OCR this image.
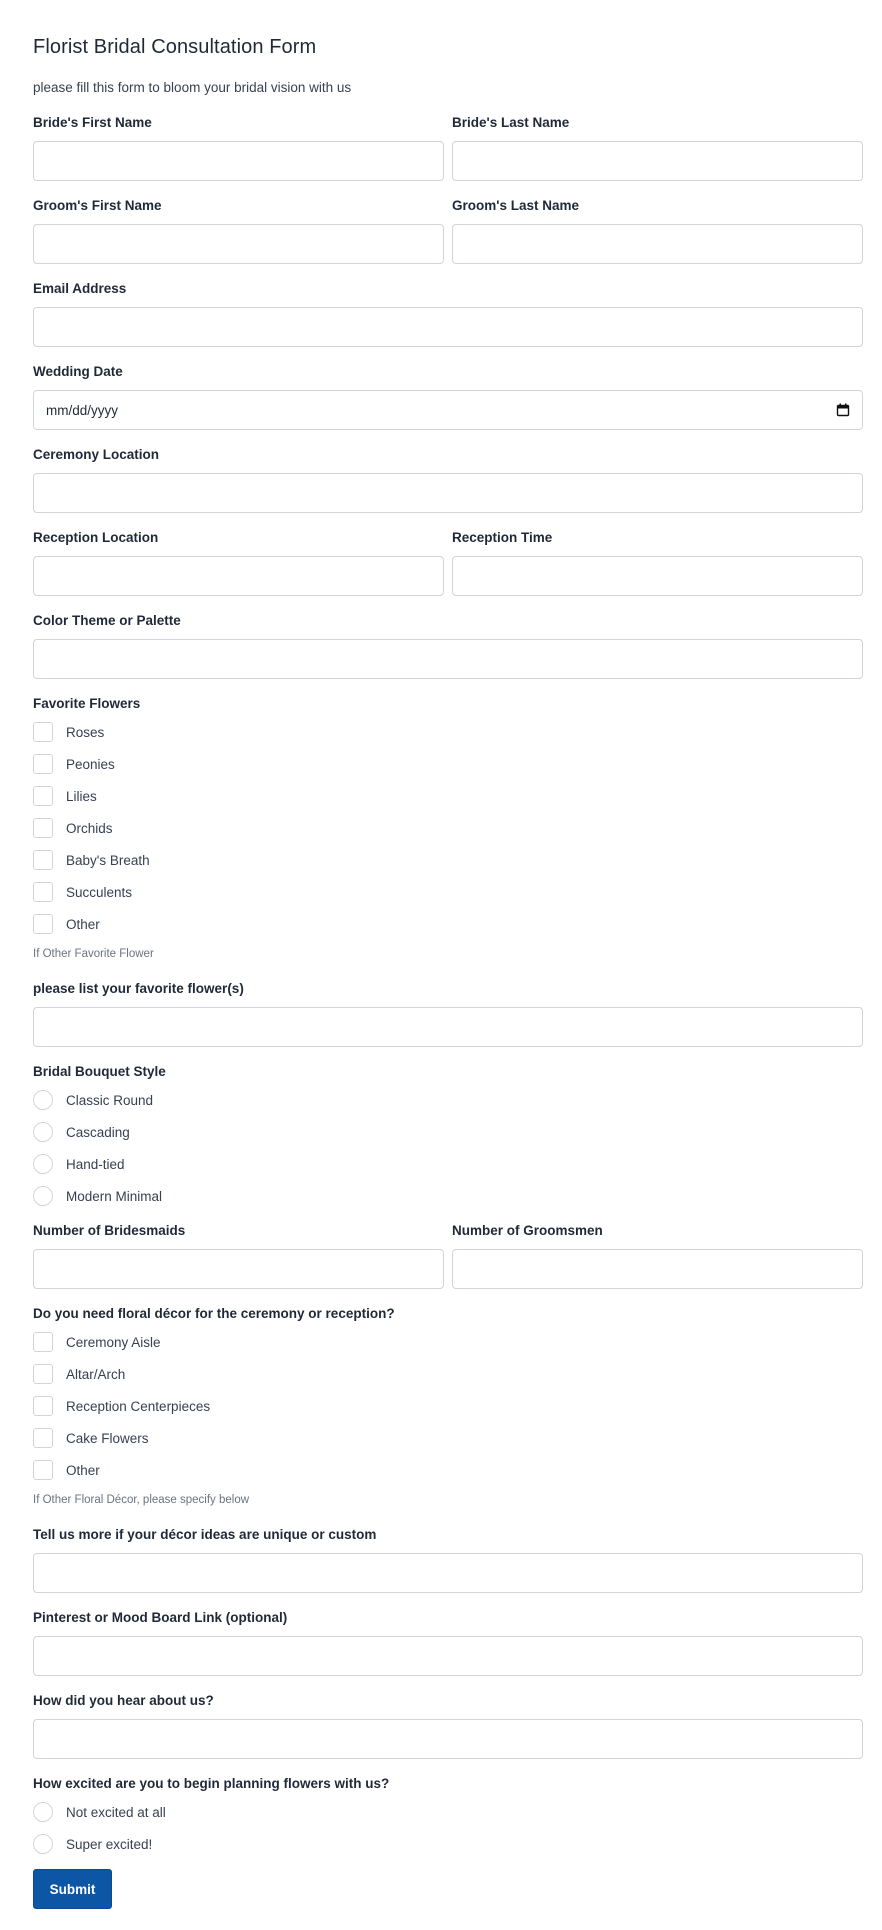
Florist Bridal Consultation Form
please fill this form to bloom your bridal vision with us
Bride's First Name	Bride's Last Name
Groom's First Name	Groom's Last Name
Email Address
Wedding Date
mm/dd/yyyy
Ceremony Location
Reception Location	Reception Time
Color Theme or Palette
Favorite Flowers
Roses
Peonies
Lilies
Orchids
Baby's Breath
Succulents
Other
If Other Favorite Flower
please list your favorite flower(s)
Bridal Bouquet Style
Classic Round
Cascading
Hand-tied
Modern Minimal
Number of Bridesmaids	Number of Groomsmen
Do you need floral décor for the ceremony or reception?
Ceremony Aisle
Altar/Arch
Reception Centerpieces
Cake Flowers
Other
If Other Floral Décor, please specify below
Tell us more if your décor ideas are unique or custom
Pinterest or Mood Board Link (optional)
How did you hear about us?
How excited are you to begin planning flowers with us?
Not excited at all
Super excited!
Submit
